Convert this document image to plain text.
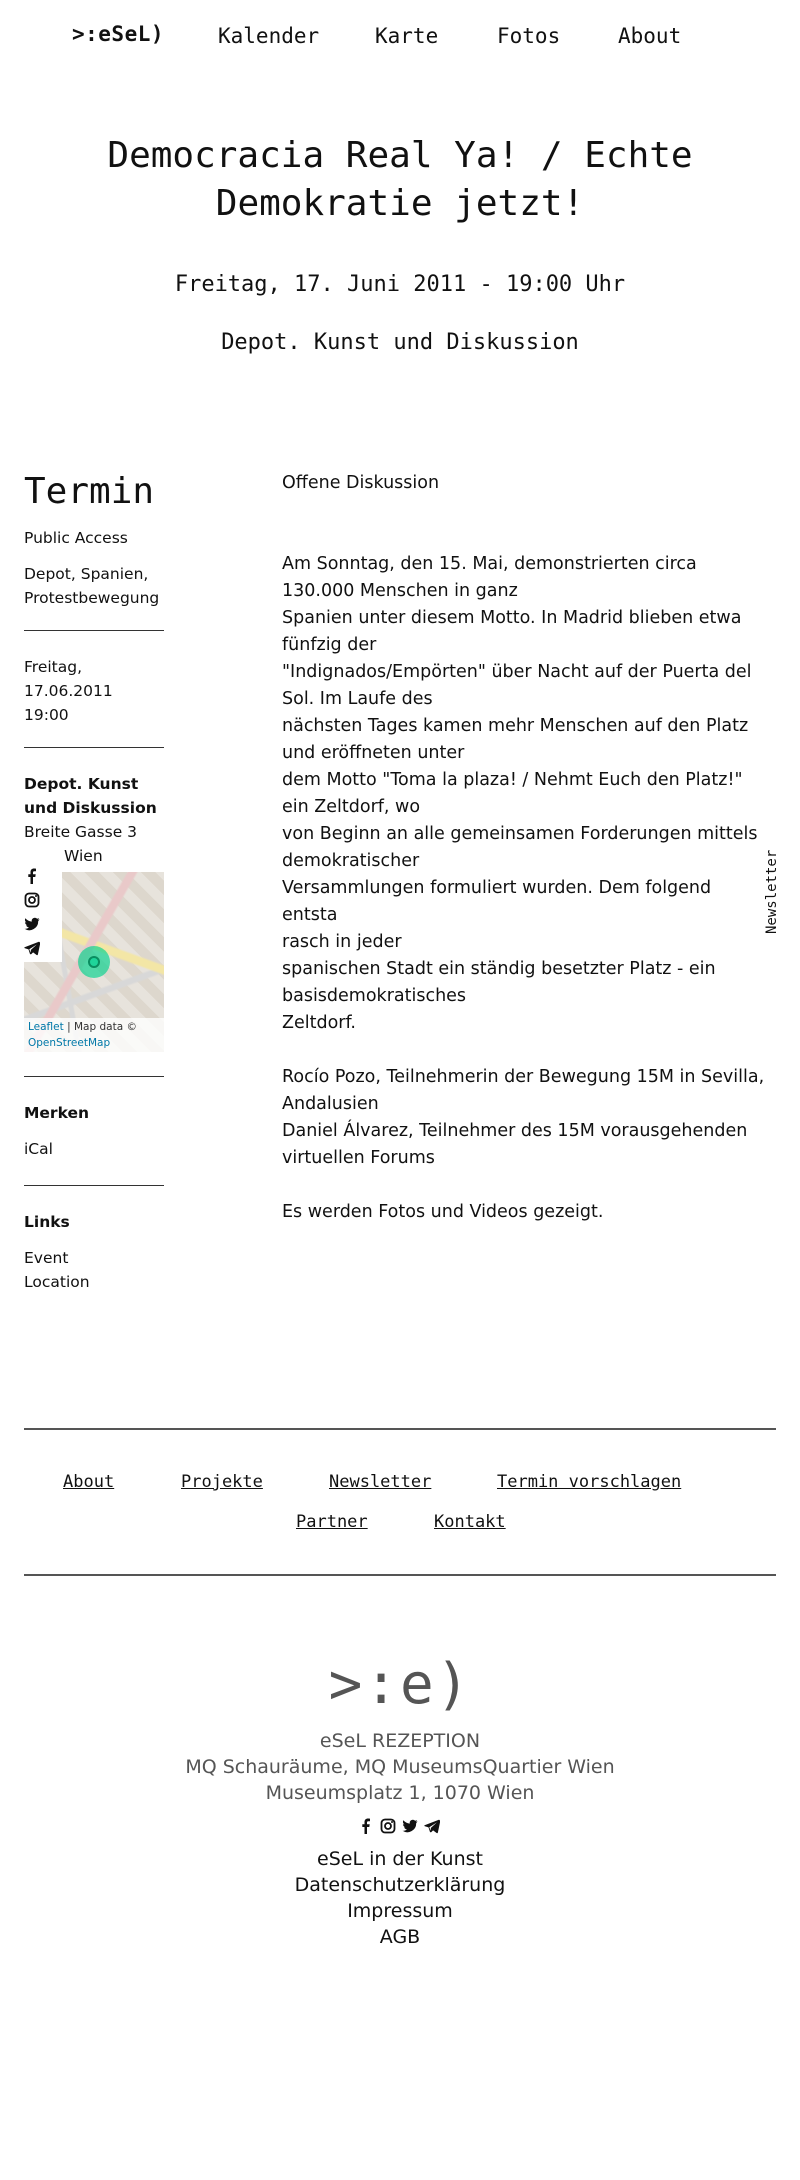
>:eSeL)	Kalender	Karte	Fotos	About
Democracia Real Ya! / Echte Demokratie jetzt!
Freitag, 17. Juni 2011 - 19:00 Uhr
Depot. Kunst und Diskussion
Termin

Public Access

Depot, Spanien, Protestbewegung

Freitag, 17.06.2011
19:00
Depot. Kunst und Diskussion
Breite Gasse 3
Wien
Leaflet | Map data ©
OpenStreetMap
Merken
iCal
Links
Event
Location

Offene Diskussion

Am Sonntag, den 15. Mai, demonstrierten circa 130.000 Menschen in ganz
Spanien unter diesem Motto. In Madrid blieben etwa fünfzig der
"Indignados/Empörten" über Nacht auf der Puerta del Sol. Im Laufe des
nächsten Tages kamen mehr Menschen auf den Platz und eröffneten unter
dem Motto "Toma la plaza! / Nehmt Euch den Platz!" ein Zeltdorf, wo
von Beginn an alle gemeinsamen Forderungen mittels demokratischer
Versammlungen formuliert wurden. Dem folgend entsta
rasch in jeder
spanischen Stadt ein ständig besetzter Platz - ein basisdemokratisches
Zeltdorf.

Rocío Pozo, Teilnehmerin der Bewegung 15M in Sevilla, Andalusien
Daniel Álvarez, Teilnehmer des 15M vorausgehenden virtuellen Forums

Es werden Fotos und Videos gezeigt.

Newsletter
About	Projekte	Newsletter	Termin vorschlagen
Partner	Kontakt
>:e)
eSeL REZEPTION
MQ Schauräume, MQ MuseumsQuartier Wien
Museumsplatz 1, 1070 Wien
eSeL in der Kunst
Datenschutzerklärung
Impressum
AGB
